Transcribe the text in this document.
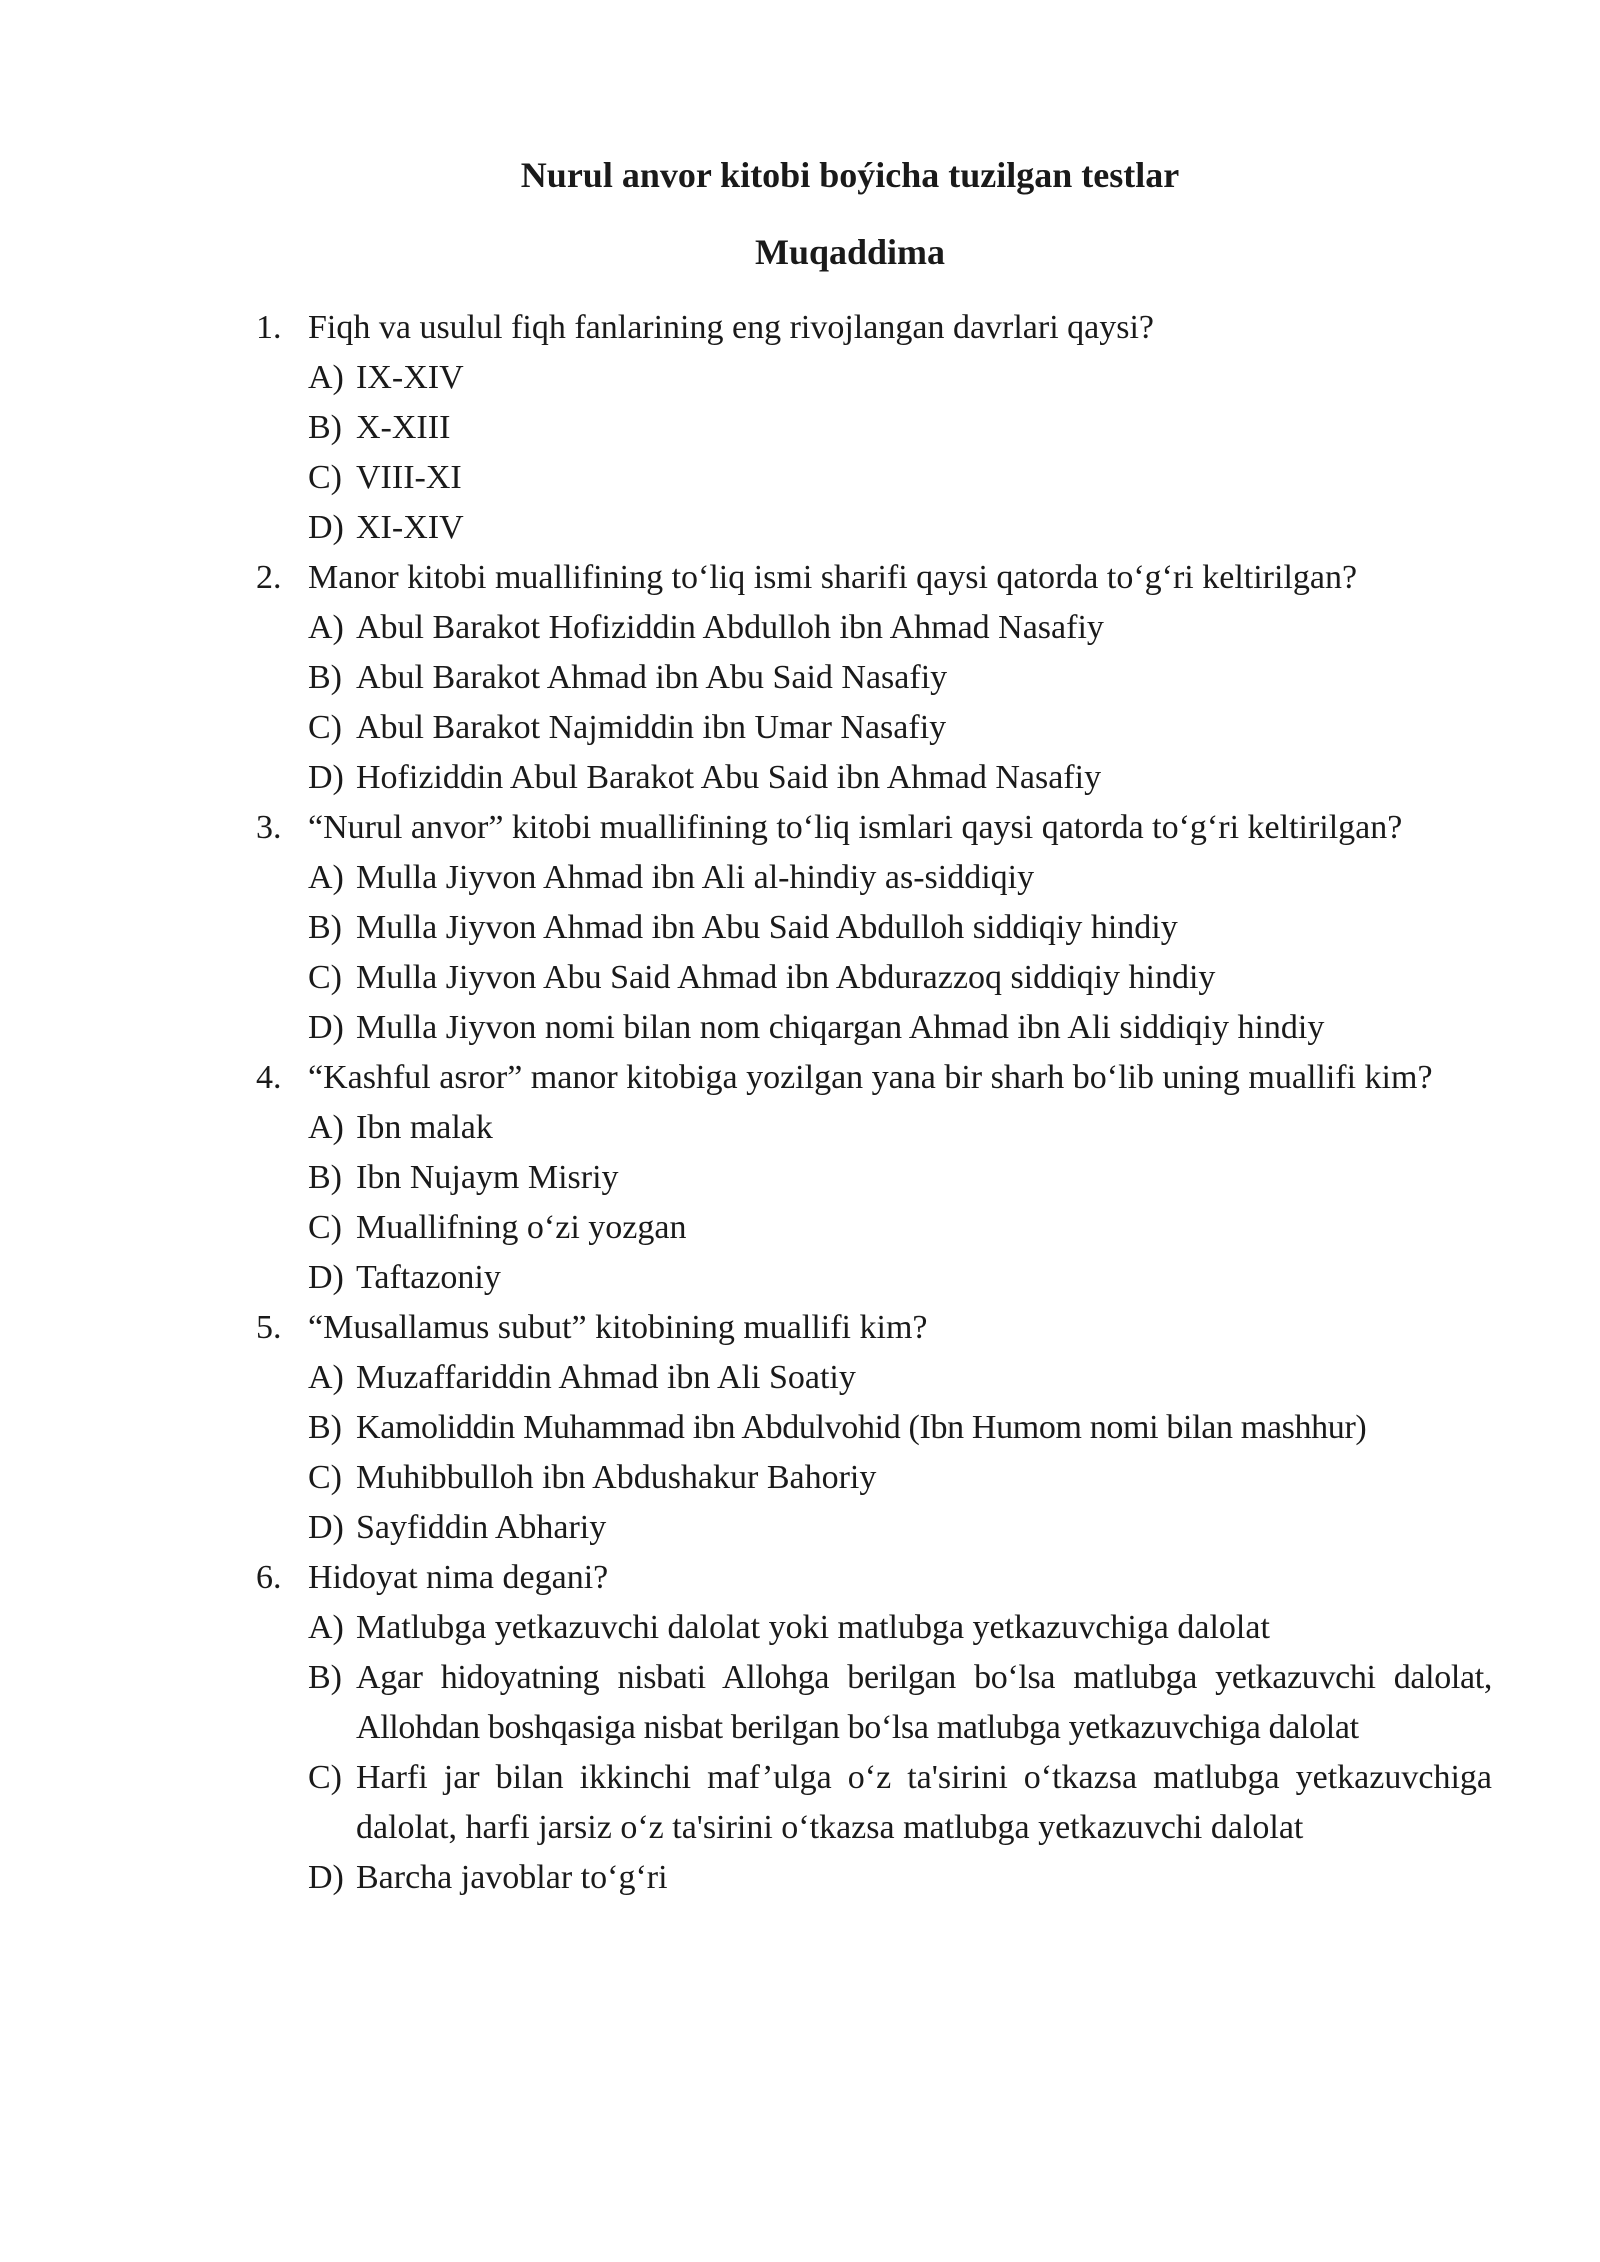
Nurul anvor kitobi boýicha tuzilgan testlar
Muqaddima
1. Fiqh va usulul fiqh fanlarining eng rivojlangan davrlari qaysi?
A) IX-XIV
B) X-XIII
C) VIII-XI
D) XI-XIV
2. Manor kitobi muallifining to‘liq ismi sharifi qaysi qatorda to‘g‘ri keltirilgan?
A) Abul Barakot Hofiziddin Abdulloh ibn Ahmad Nasafiy
B) Abul Barakot Ahmad ibn Abu Said Nasafiy
C) Abul Barakot Najmiddin ibn Umar Nasafiy
D) Hofiziddin Abul Barakot Abu Said ibn Ahmad Nasafiy
3. “Nurul anvor” kitobi muallifining to‘liq ismlari qaysi qatorda to‘g‘ri keltirilgan?
A) Mulla Jiyvon Ahmad ibn Ali al-hindiy as-siddiqiy
B) Mulla Jiyvon Ahmad ibn Abu Said Abdulloh siddiqiy hindiy
C) Mulla Jiyvon Abu Said Ahmad ibn Abdurazzoq siddiqiy hindiy
D) Mulla Jiyvon nomi bilan nom chiqargan Ahmad ibn Ali siddiqiy hindiy
4. “Kashful asror” manor kitobiga yozilgan yana bir sharh bo‘lib uning muallifi kim?
A) Ibn malak
B) Ibn Nujaym Misriy
C) Muallifning o‘zi yozgan
D) Taftazoniy
5. “Musallamus subut” kitobining muallifi kim?
A) Muzaffariddin Ahmad ibn Ali Soatiy
B) Kamoliddin Muhammad ibn Abdulvohid (Ibn Humom nomi bilan mashhur)
C) Muhibbulloh ibn Abdushakur Bahoriy
D) Sayfiddin Abhariy
6. Hidoyat nima degani?
A) Matlubga yetkazuvchi dalolat yoki matlubga yetkazuvchiga dalolat
B) Agar hidoyatning nisbati Allohga berilgan bo‘lsa matlubga yetkazuvchi dalolat, Allohdan boshqasiga nisbat berilgan bo‘lsa matlubga yetkazuvchiga dalolat
C) Harfi jar bilan ikkinchi maf’ulga o‘z ta'sirini o‘tkazsa matlubga yetkazuvchiga dalolat, harfi jarsiz o‘z ta'sirini o‘tkazsa matlubga yetkazuvchi dalolat
D) Barcha javoblar to‘g‘ri
